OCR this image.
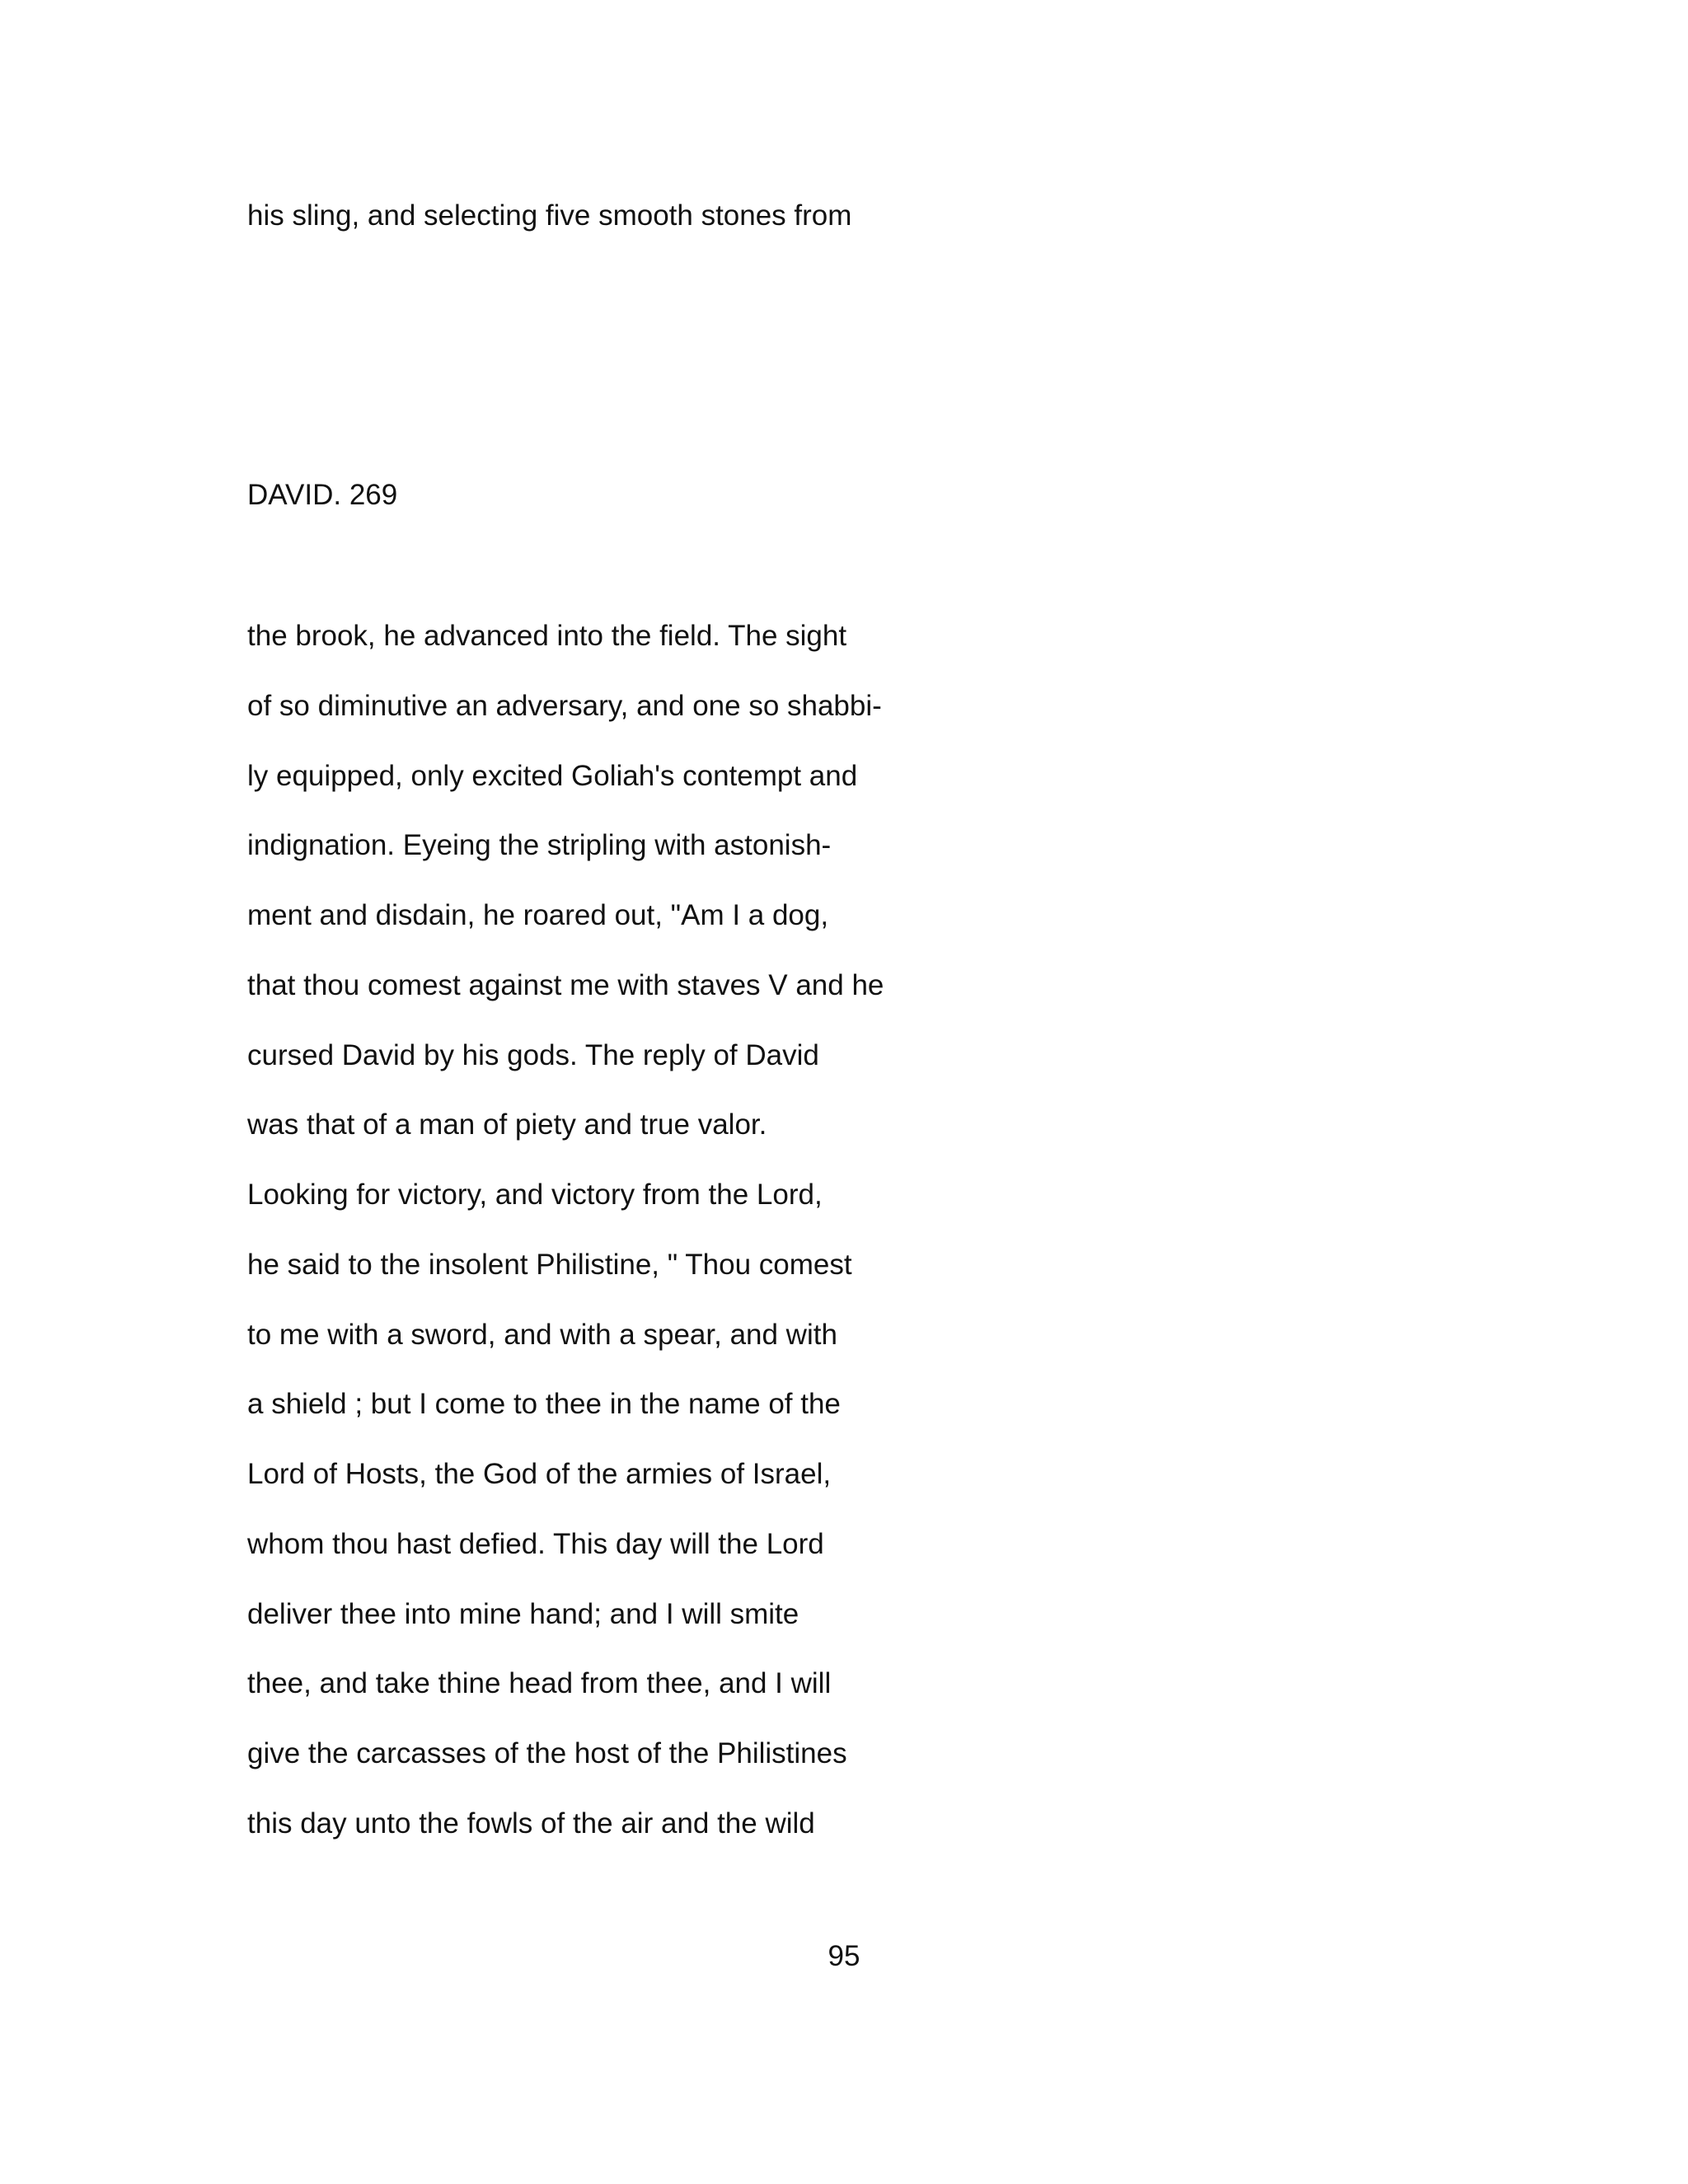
his sling, and selecting five smooth stones from
DAVID. 269
the brook, he advanced into the field. The sight
of so diminutive an adversary, and one so shabbi-
ly equipped, only excited Goliah's contempt and
indignation. Eyeing the stripling with astonish-
ment and disdain, he roared out, "Am I a dog,
that thou comest against me with staves V and he
cursed David by his gods. The reply of David
was that of a man of piety and true valor.
Looking for victory, and victory from the Lord,
he said to the insolent Philistine, " Thou comest
to me with a sword, and with a spear, and with
a shield ; but I come to thee in the name of the
Lord of Hosts, the God of the armies of Israel,
whom thou hast defied. This day will the Lord
deliver thee into mine hand; and I will smite
thee, and take thine head from thee, and I will
give the carcasses of the host of the Philistines
this day unto the fowls of the air and the wild
95
